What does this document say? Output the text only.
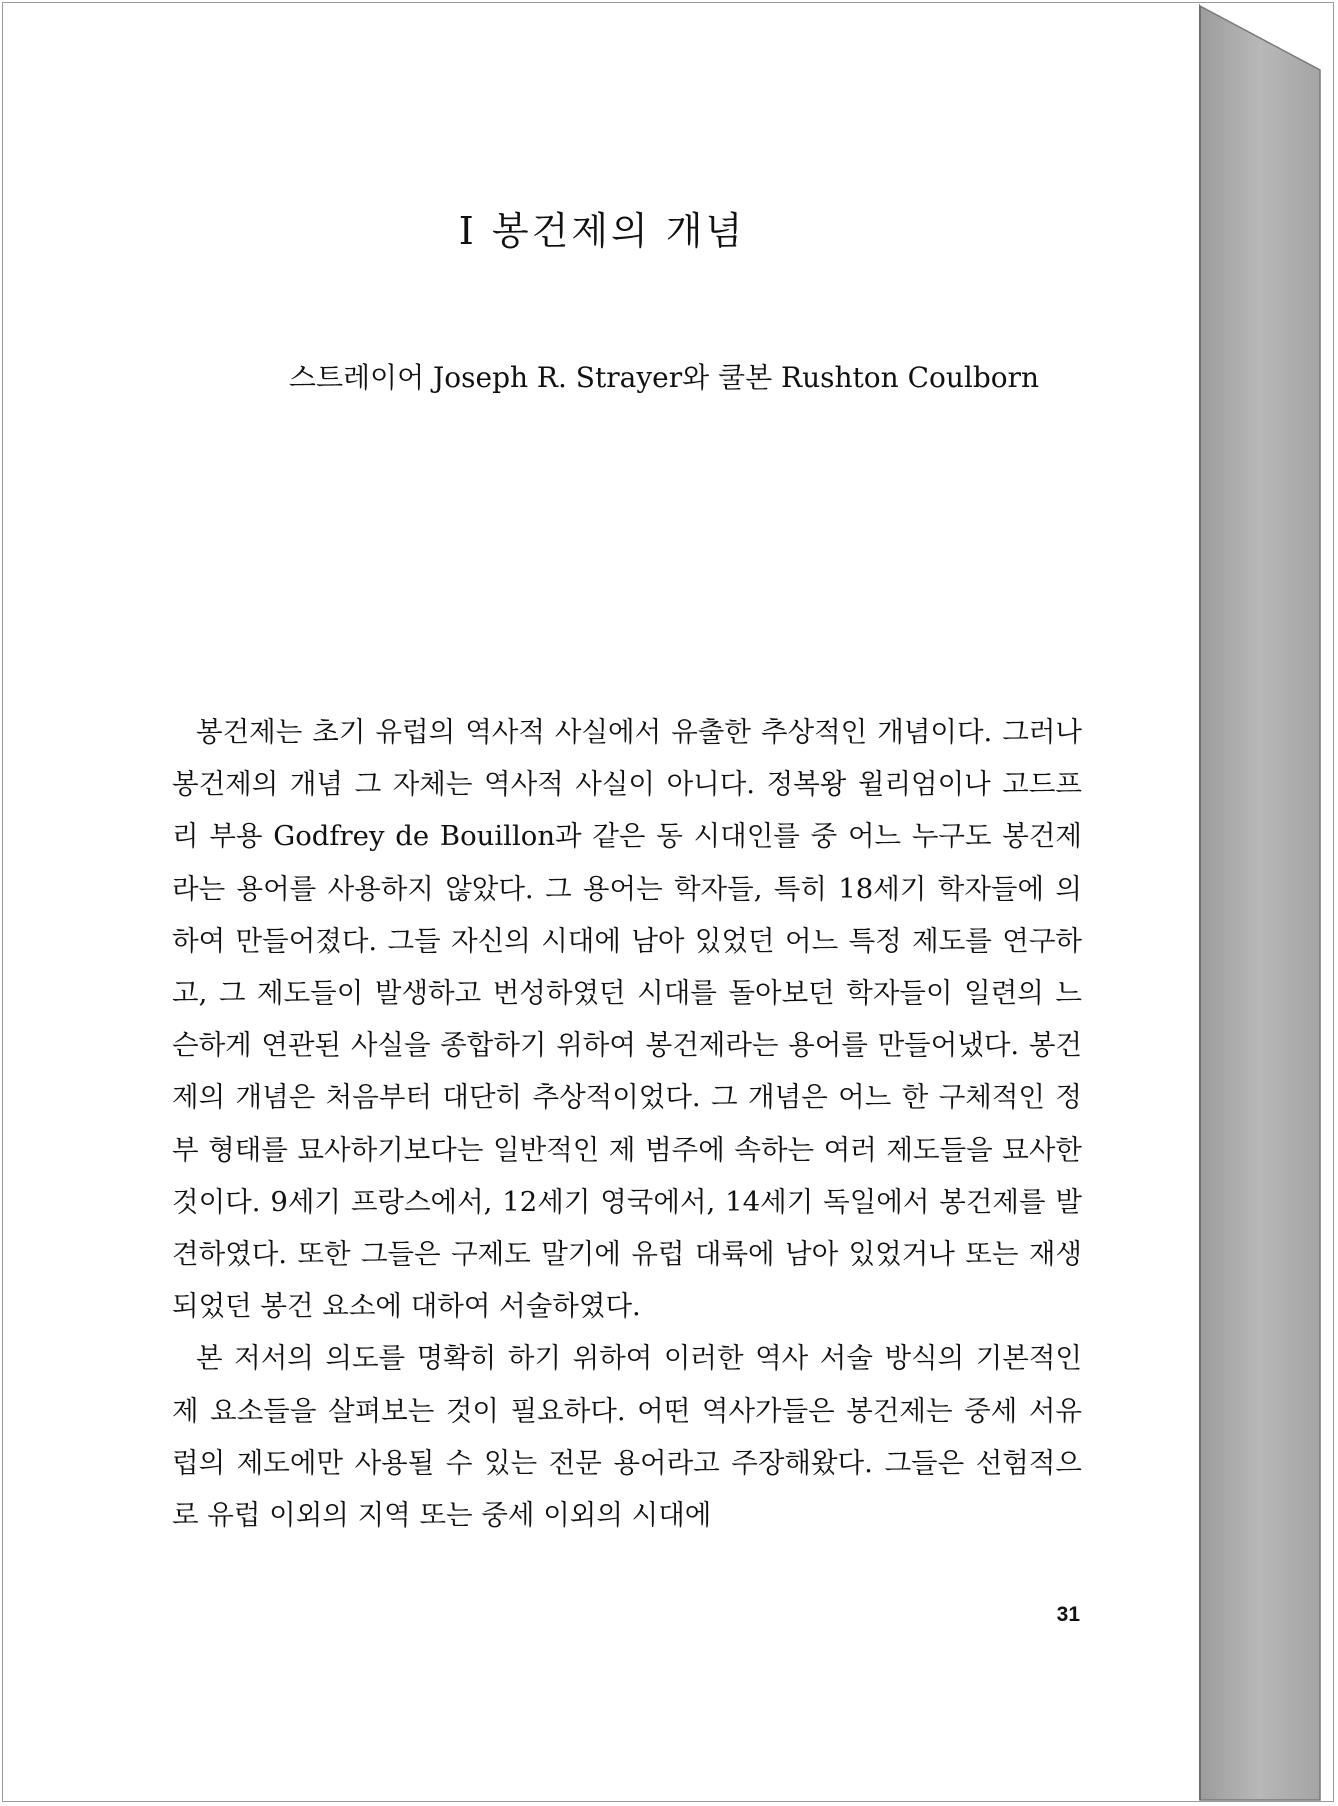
Ⅰ 봉건제의 개념

스트레이어 Joseph R. Strayer와 쿨본 Rushton Coulborn

봉건제는 초기 유럽의 역사적 사실에서 유출한 추상적인 개념이다. 그러나 봉건제의 개념 그 자체는 역사적 사실이 아니다. 정복왕 윌리엄이나 고드프리 부용 Godfrey de Bouillon과 같은 동 시대인를 중 어느 누구도 봉건제라는 용어를 사용하지 않았다. 그 용어는 학자들, 특히 18세기 학자들에 의하여 만들어졌다. 그들 자신의 시대에 남아 있었던 어느 특정 제도를 연구하고, 그 제도들이 발생하고 번성하였던 시대를 돌아보던 학자들이 일련의 느슨하게 연관된 사실을 종합하기 위하여 봉건제라는 용어를 만들어냈다. 봉건제의 개념은 처음부터 대단히 추상적이었다. 그 개념은 어느 한 구체적인 정부 형태를 묘사하기보다는 일반적인 제 범주에 속하는 여러 제도들을 묘사한 것이다. 9세기 프랑스에서, 12세기 영국에서, 14세기 독일에서 봉건제를 발견하였다. 또한 그들은 구제도 말기에 유럽 대륙에 남아 있었거나 또는 재생되었던 봉건 요소에 대하여 서술하였다.

본 저서의 의도를 명확히 하기 위하여 이러한 역사 서술 방식의 기본적인 제 요소들을 살펴보는 것이 필요하다. 어떤 역사가들은 봉건제는 중세 서유럽의 제도에만 사용될 수 있는 전문 용어라고 주장해왔다. 그들은 선험적으로 유럽 이외의 지역 또는 중세 이외의 시대에

31
